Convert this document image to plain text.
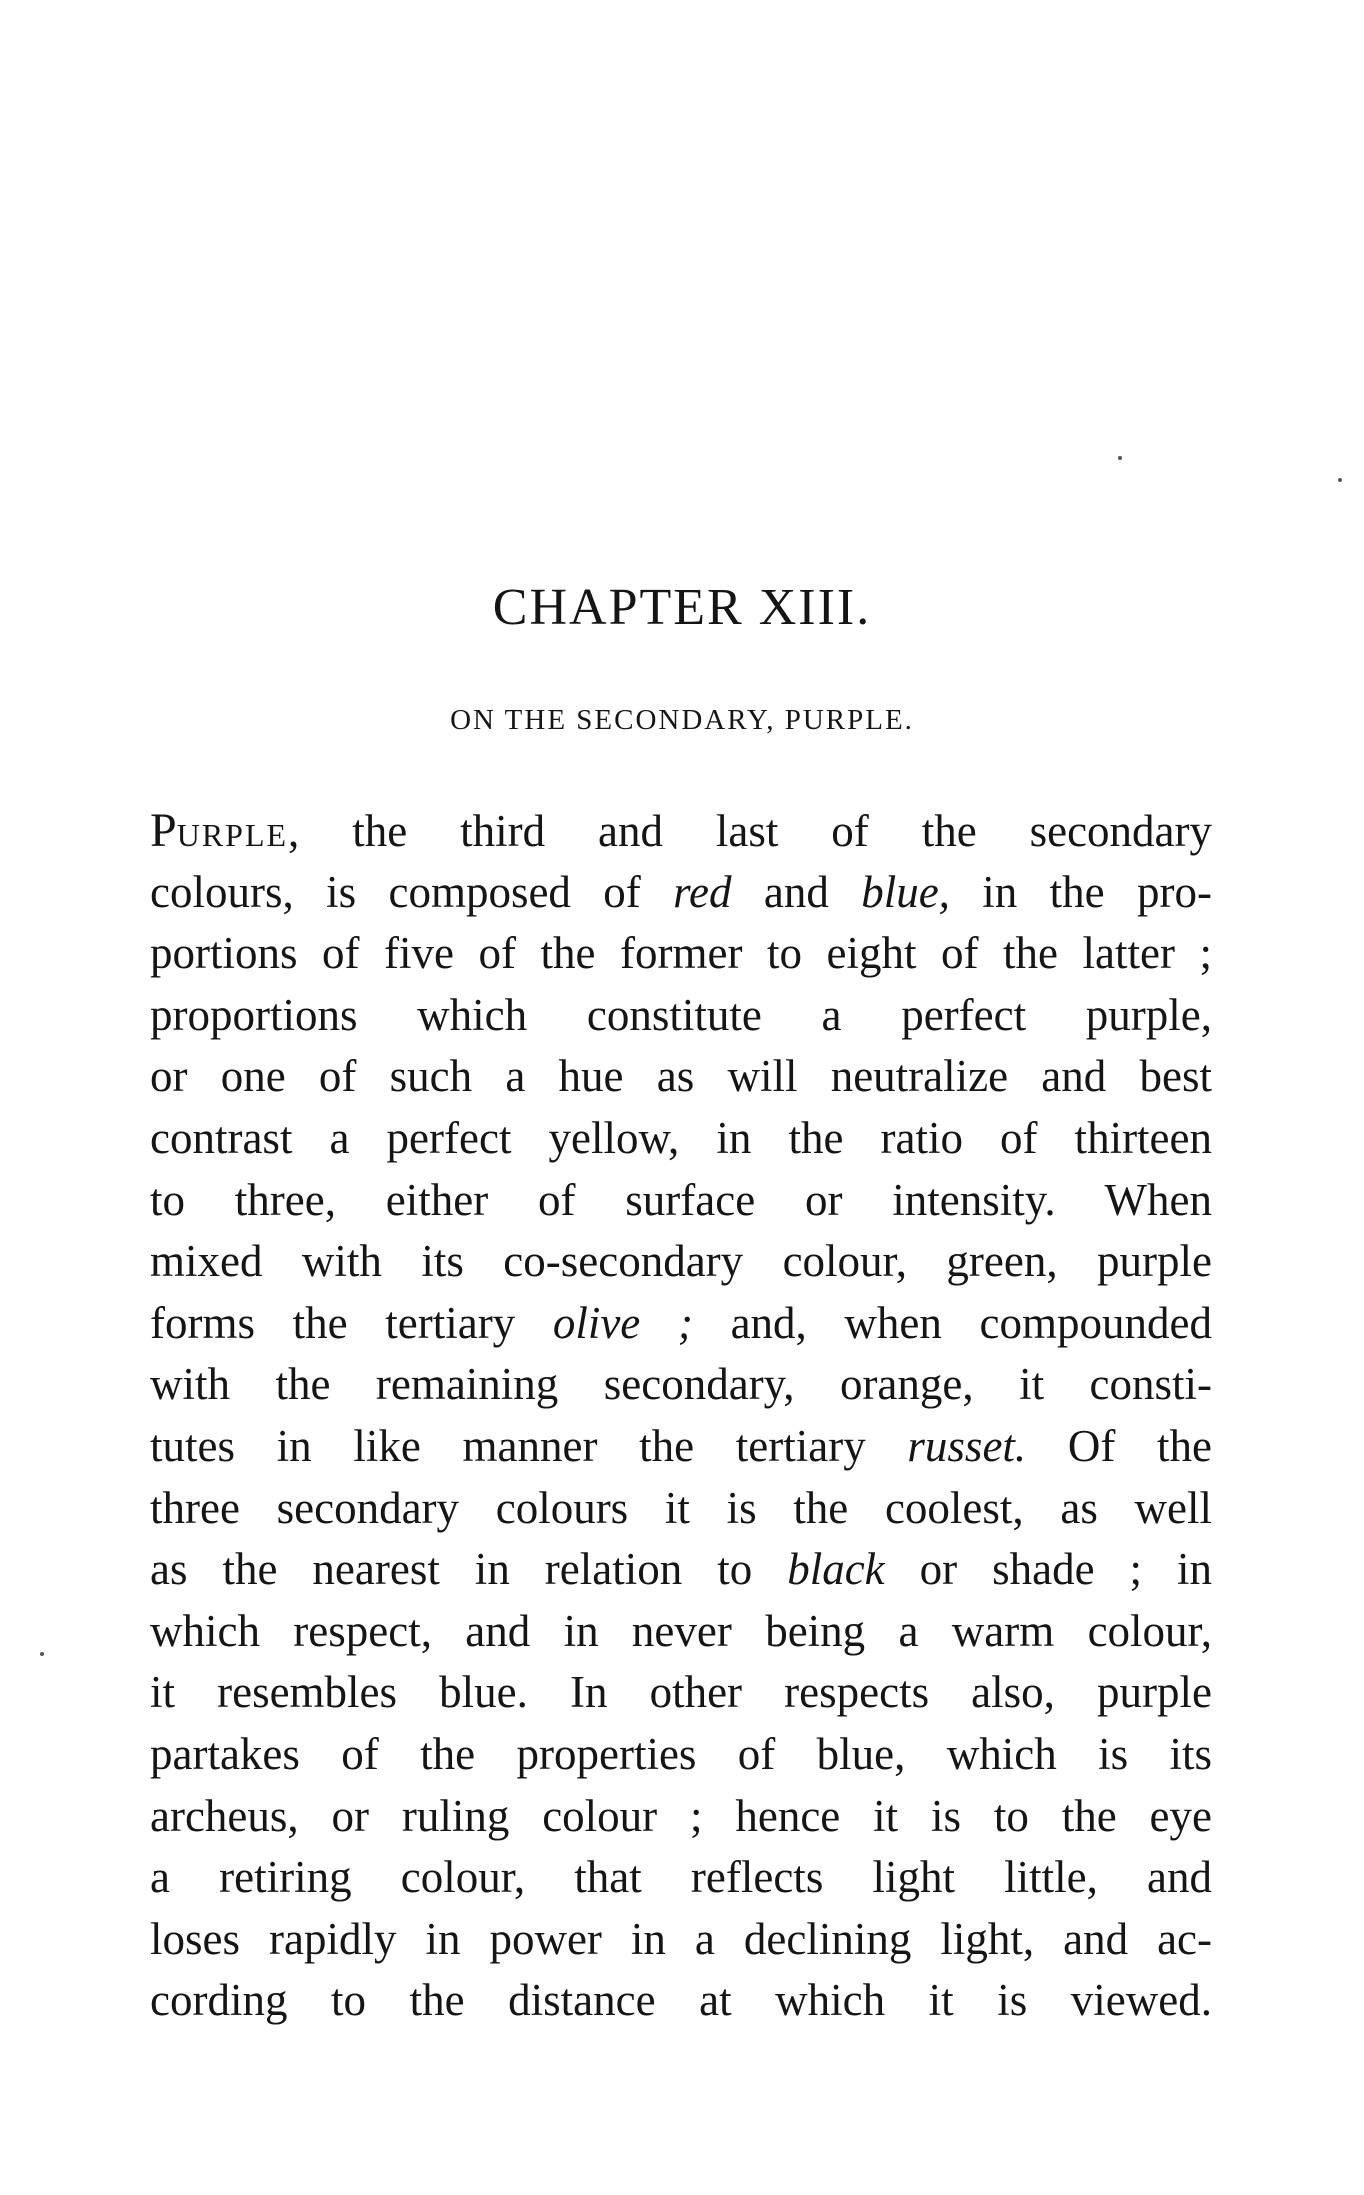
CHAPTER XIII.
ON THE SECONDARY, PURPLE.
PURPLE, the third and last of the secondary
colours, is composed of red and blue, in the pro-
portions of five of the former to eight of the latter ;
proportions which constitute a perfect purple,
or one of such a hue as will neutralize and best
contrast a perfect yellow, in the ratio of thirteen
to three, either of surface or intensity. When
mixed with its co-secondary colour, green, purple
forms the tertiary olive ; and, when compounded
with the remaining secondary, orange, it consti-
tutes in like manner the tertiary russet. Of the
three secondary colours it is the coolest, as well
as the nearest in relation to black or shade ; in
which respect, and in never being a warm colour,
it resembles blue. In other respects also, purple
partakes of the properties of blue, which is its
archeus, or ruling colour ; hence it is to the eye
a retiring colour, that reflects light little, and
loses rapidly in power in a declining light, and ac-
cording to the distance at which it is viewed.
